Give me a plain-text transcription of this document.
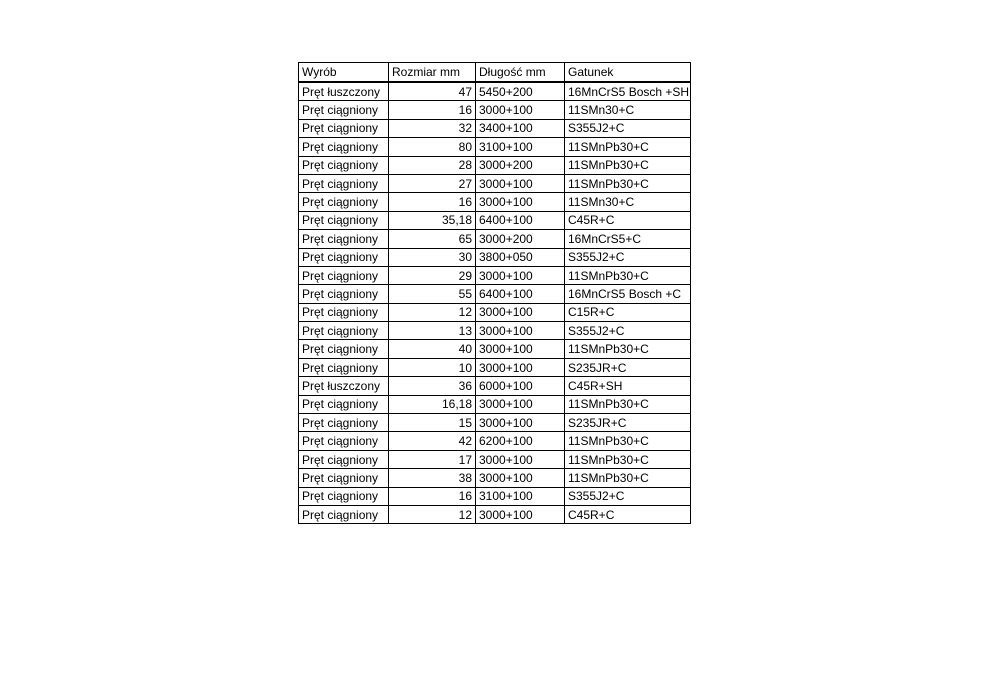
Wyrób	Rozmiar mm	Długość mm	Gatunek
Pręt łuszczony	47	5450+200	16MnCrS5 Bosch +SH
Pręt ciągniony	16	3000+100	11SMn30+C
Pręt ciągniony	32	3400+100	S355J2+C
Pręt ciągniony	80	3100+100	11SMnPb30+C
Pręt ciągniony	28	3000+200	11SMnPb30+C
Pręt ciągniony	27	3000+100	11SMnPb30+C
Pręt ciągniony	16	3000+100	11SMn30+C
Pręt ciągniony	35,18	6400+100	C45R+C
Pręt ciągniony	65	3000+200	16MnCrS5+C
Pręt ciągniony	30	3800+050	S355J2+C
Pręt ciągniony	29	3000+100	11SMnPb30+C
Pręt ciągniony	55	6400+100	16MnCrS5 Bosch +C
Pręt ciągniony	12	3000+100	C15R+C
Pręt ciągniony	13	3000+100	S355J2+C
Pręt ciągniony	40	3000+100	11SMnPb30+C
Pręt ciągniony	10	3000+100	S235JR+C
Pręt łuszczony	36	6000+100	C45R+SH
Pręt ciągniony	16,18	3000+100	11SMnPb30+C
Pręt ciągniony	15	3000+100	S235JR+C
Pręt ciągniony	42	6200+100	11SMnPb30+C
Pręt ciągniony	17	3000+100	11SMnPb30+C
Pręt ciągniony	38	3000+100	11SMnPb30+C
Pręt ciągniony	16	3100+100	S355J2+C
Pręt ciągniony	12	3000+100	C45R+C
